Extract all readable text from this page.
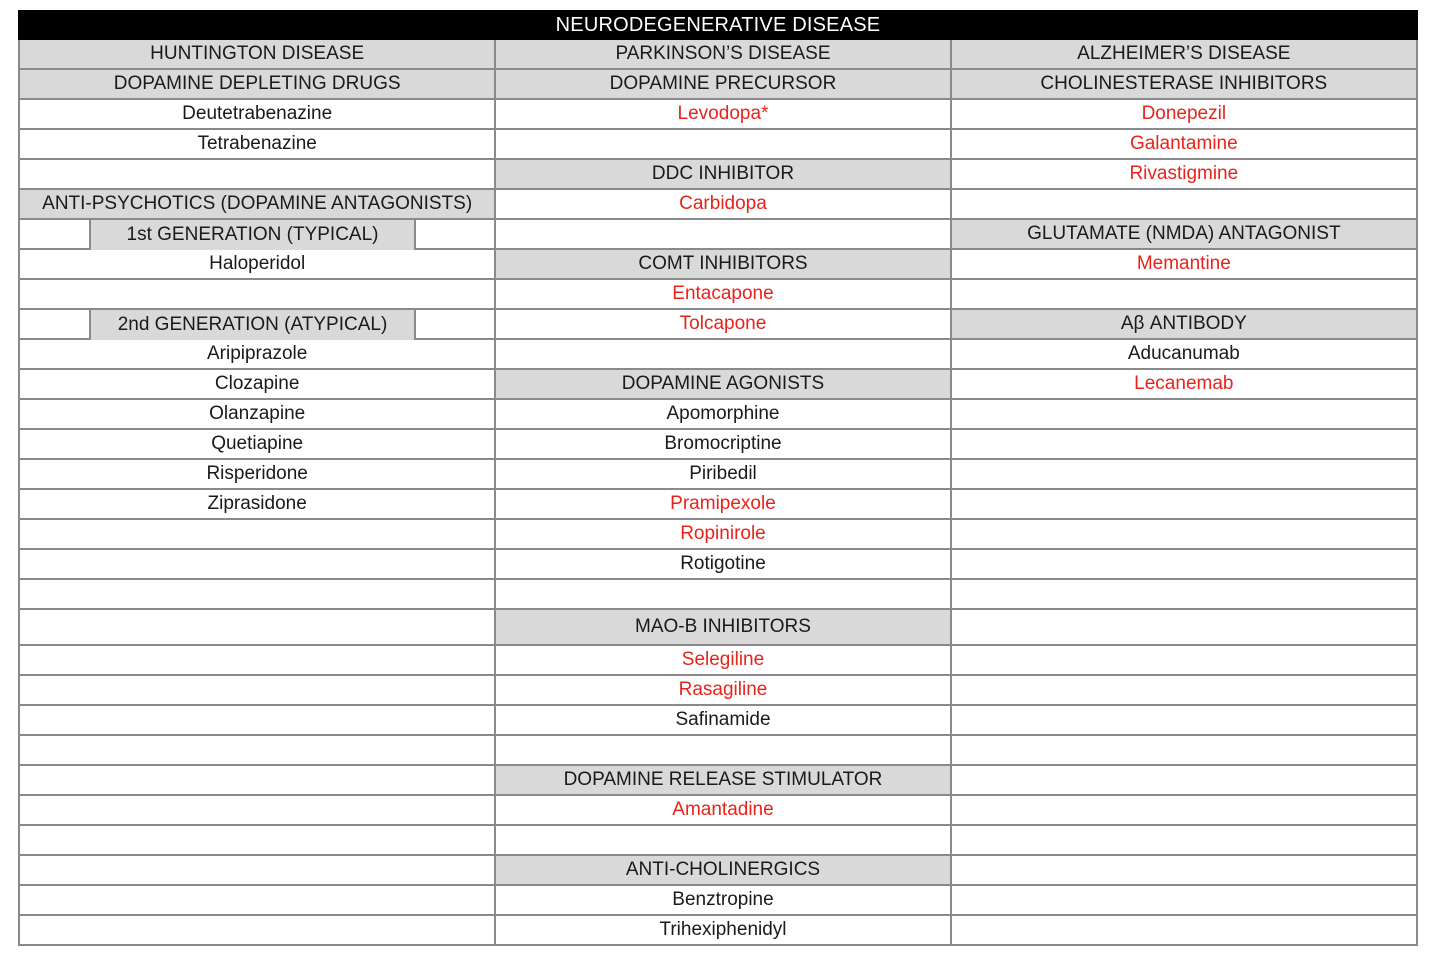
NEURODEGENERATIVE DISEASE
HUNTINGTON DISEASE
DOPAMINE DEPLETING DRUGS
Deutetrabenazine
Tetrabenazine
ANTI-PSYCHOTICS (DOPAMINE ANTAGONISTS)
1st GENERATION (TYPICAL)
Haloperidol
2nd GENERATION (ATYPICAL)
Aripiprazole
Clozapine
Olanzapine
Quetiapine
Risperidone
Ziprasidone
PARKINSON’S DISEASE
DOPAMINE PRECURSOR
Levodopa*
DDC INHIBITOR
Carbidopa
COMT INHIBITORS
Entacapone
Tolcapone
DOPAMINE AGONISTS
Apomorphine
Bromocriptine
Piribedil
Pramipexole
Ropinirole
Rotigotine
MAO-B INHIBITORS
Selegiline
Rasagiline
Safinamide
DOPAMINE RELEASE STIMULATOR
Amantadine
ANTI-CHOLINERGICS
Benztropine
Trihexiphenidyl
ALZHEIMER’S DISEASE
CHOLINESTERASE INHIBITORS
Donepezil
Galantamine
Rivastigmine
GLUTAMATE (NMDA) ANTAGONIST
Memantine
Aβ ANTIBODY
Aducanumab
Lecanemab
